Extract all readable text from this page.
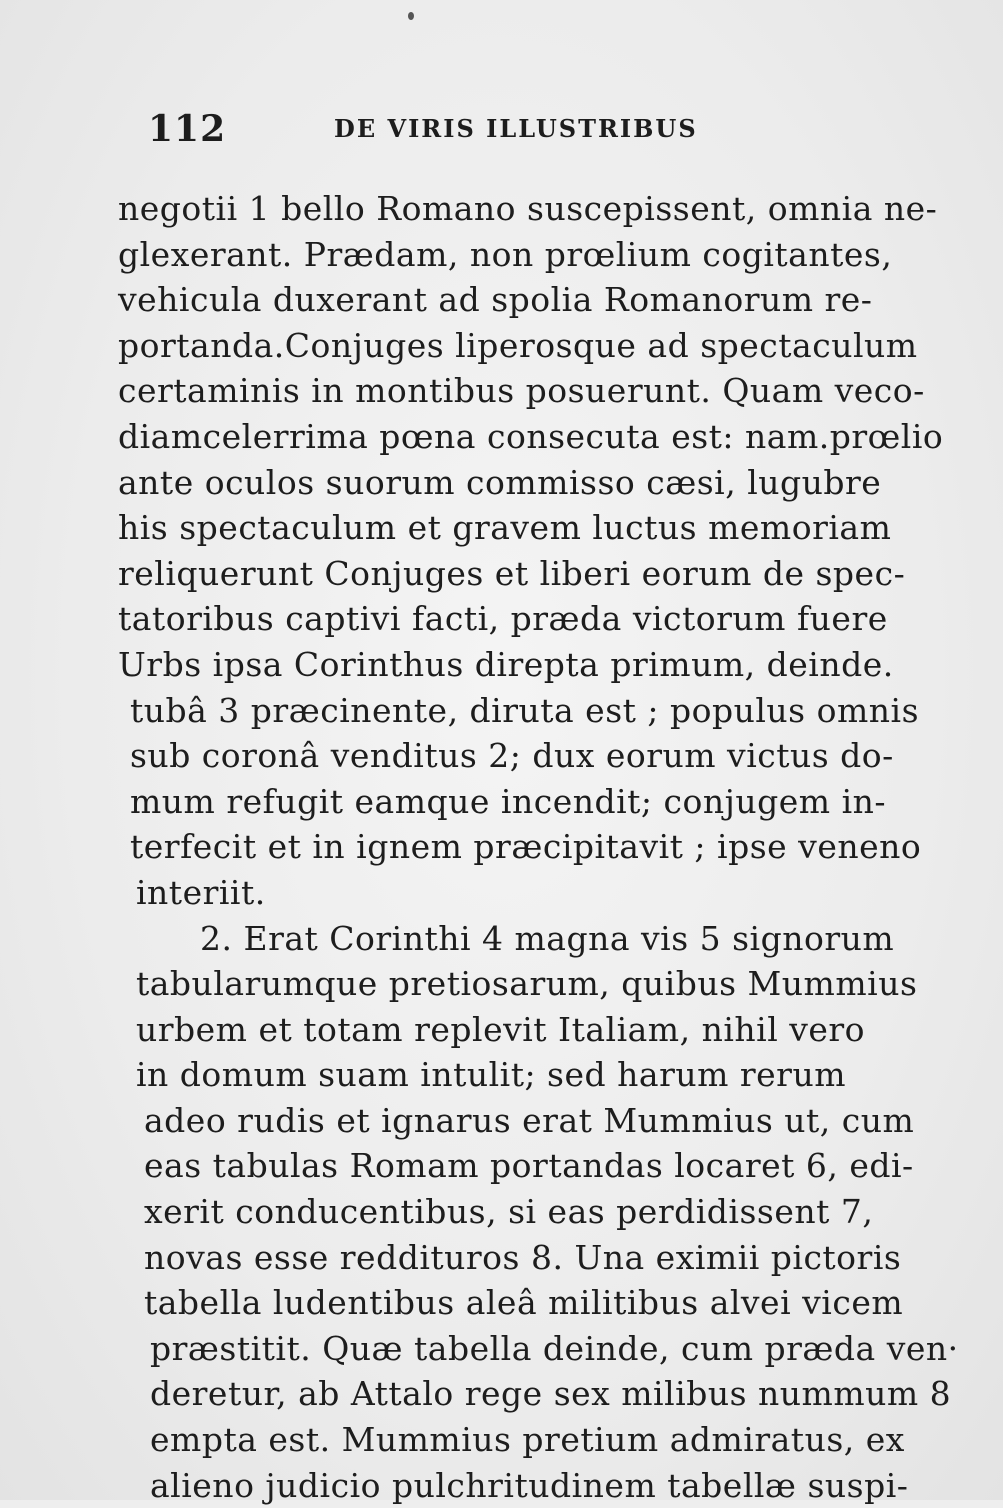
112	DE VIRIS ILLUSTRIBUS
negotii 1 bello Romano suscepissent, omnia ne-
glexerant. Prædam, non prœlium cogitantes,
vehicula duxerant ad spolia Romanorum re-
portanda.Conjuges liperosque ad spectaculum
certaminis in montibus posuerunt. Quam veco-
diamcelerrima pœna consecuta est: nam.prœlio
ante oculos suorum commisso cæsi, lugubre
his spectaculum et gravem luctus memoriam
reliquerunt Conjuges et liberi eorum de spec-
tatoribus captivi facti, præda victorum fuere
Urbs ipsa Corinthus direpta primum, deinde.
tubâ 3 præcinente, diruta est ; populus omnis
sub coronâ venditus 2; dux eorum victus do-
mum refugit eamque incendit; conjugem in-
terfecit et in ignem præcipitavit ; ipse veneno
interiit.
2. Erat Corinthi 4 magna vis 5 signorum
tabularumque pretiosarum, quibus Mummius
urbem et totam replevit Italiam, nihil vero
in domum suam intulit; sed harum rerum
adeo rudis et ignarus erat Mummius ut, cum
eas tabulas Romam portandas locaret 6, edi-
xerit conducentibus, si eas perdidissent 7,
novas esse reddituros 8. Una eximii pictoris
tabella ludentibus aleâ militibus alvei vicem
præstitit. Quæ tabella deinde, cum præda ven·
deretur, ab Attalo rege sex milibus nummum 8
empta est. Mummius pretium admiratus, ex
alieno judicio pulchritudinem tabellæ suspi-
